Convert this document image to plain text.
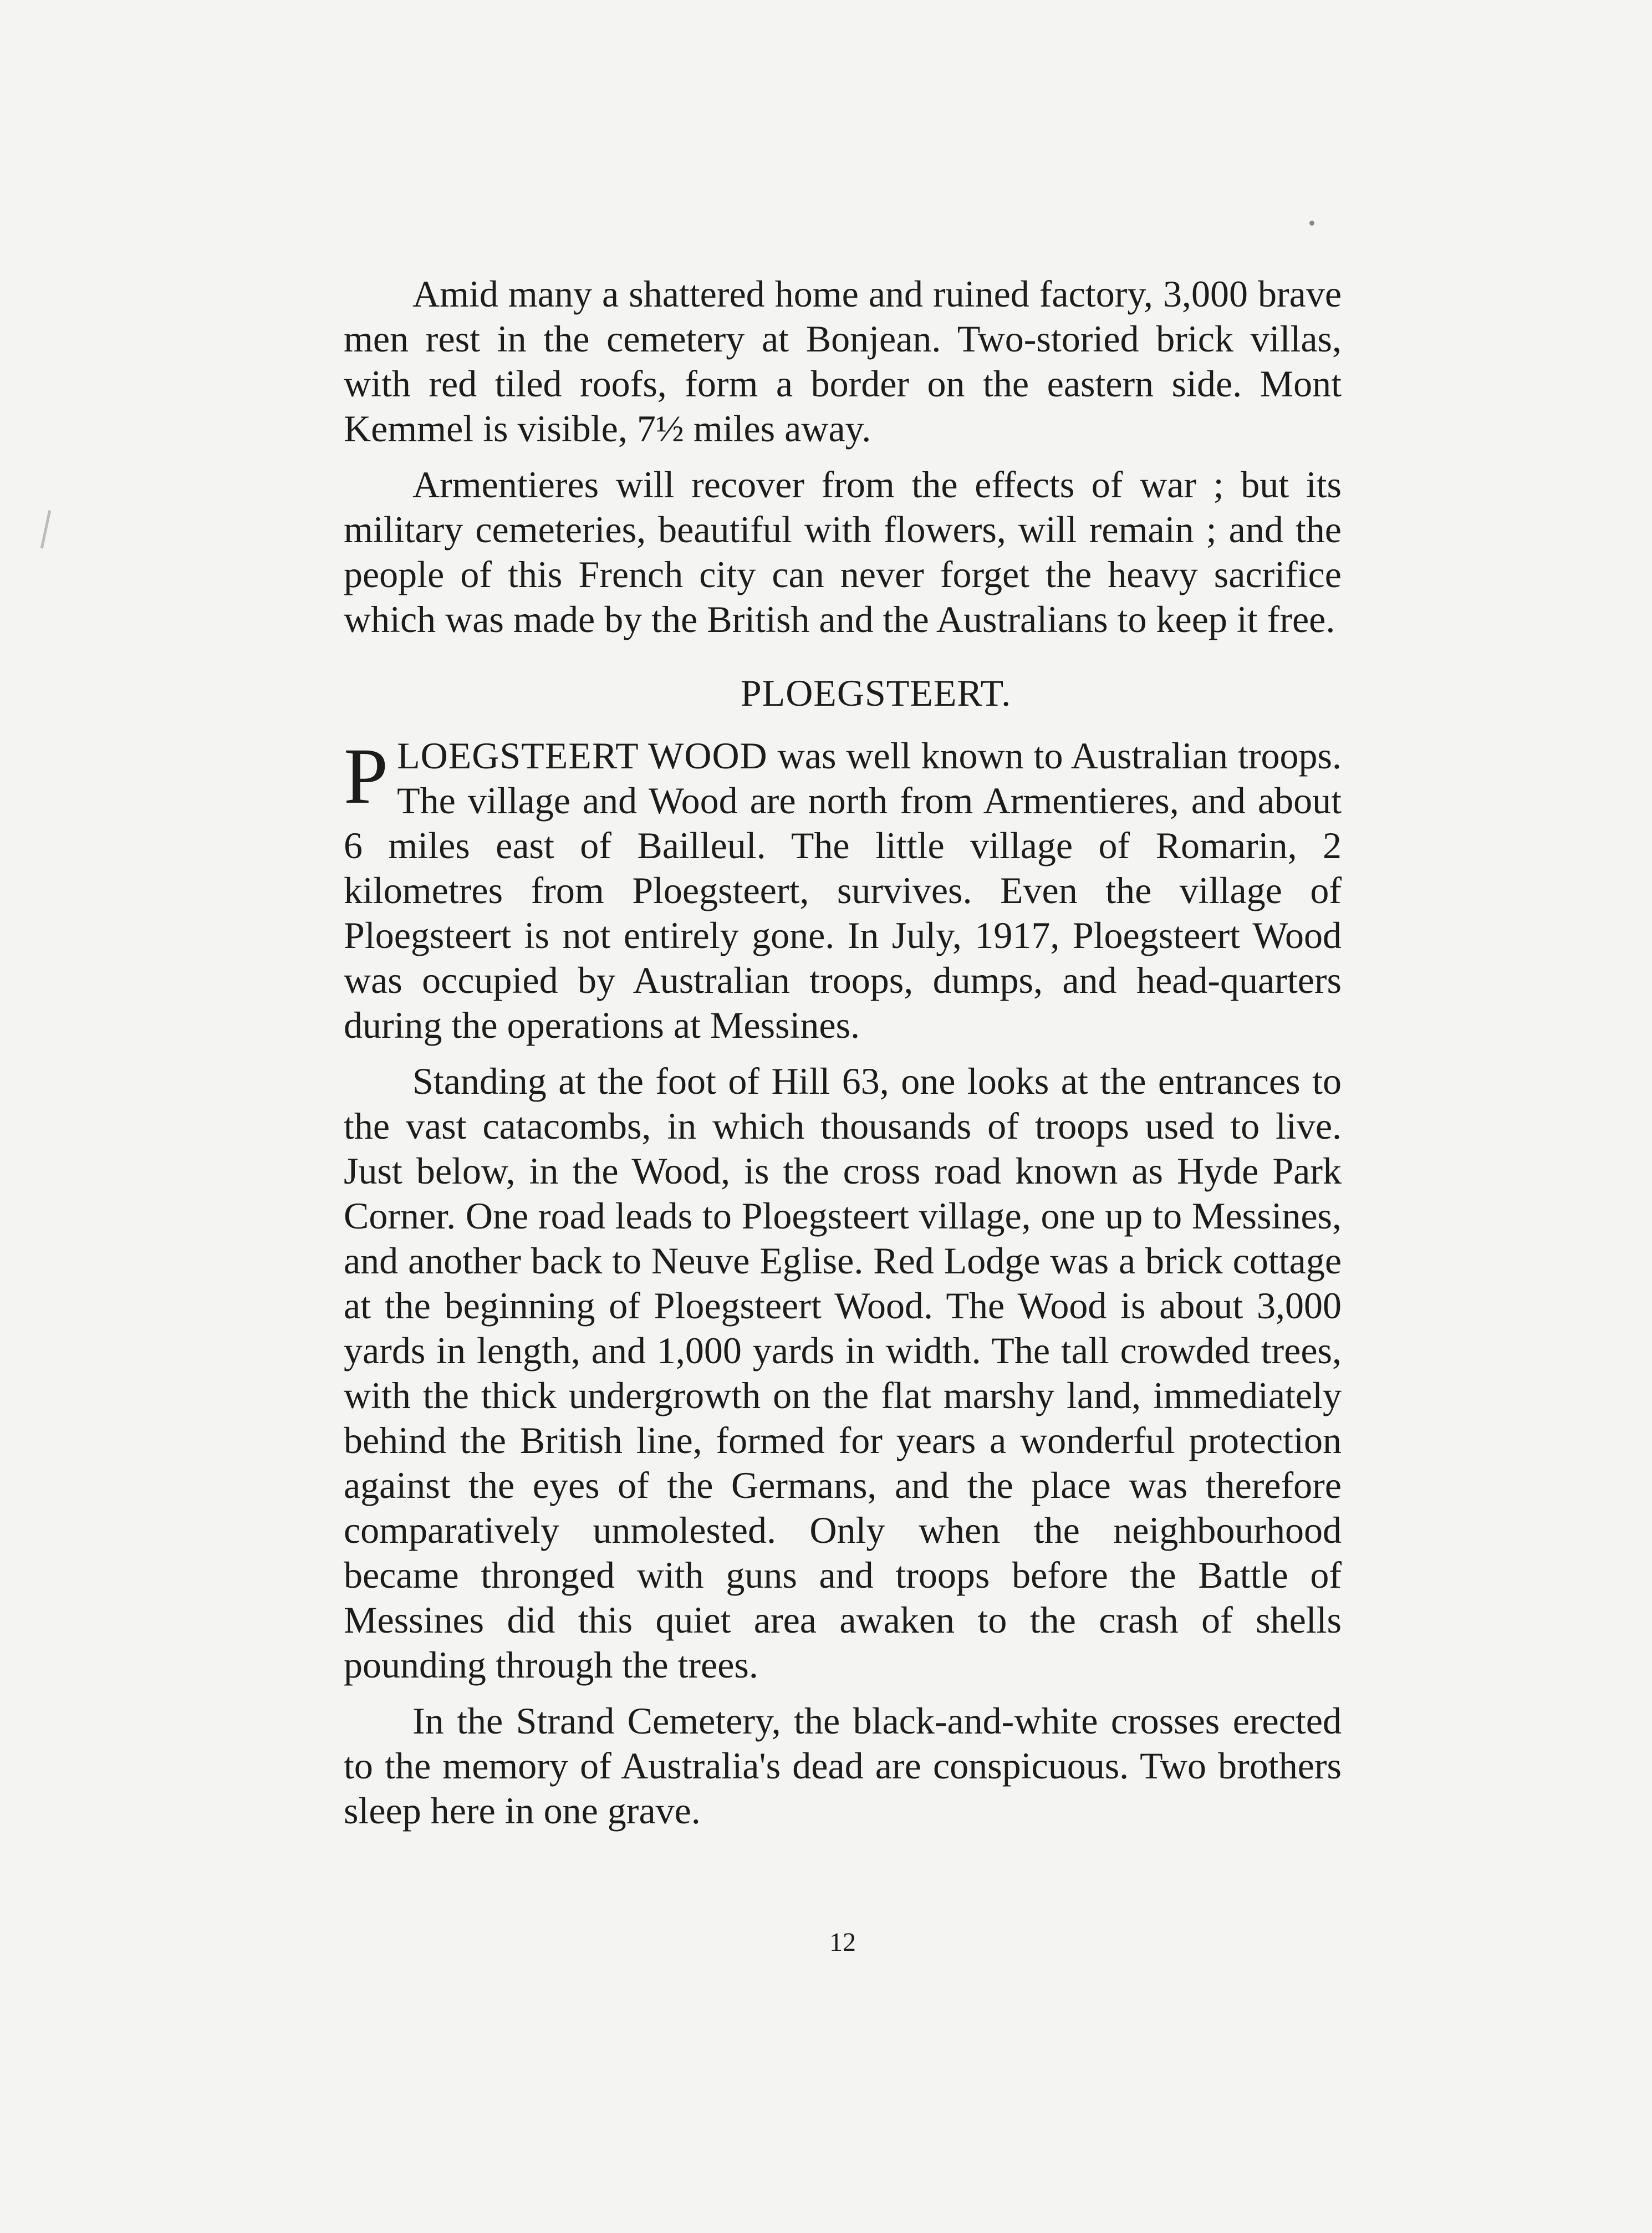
Amid many a shattered home and ruined factory, 3,000 brave men rest in the cemetery at Bonjean. Two-storied brick villas, with red tiled roofs, form a border on the eastern side. Mont Kemmel is visible, 7½ miles away.

Armentieres will recover from the effects of war ; but its military cemeteries, beautiful with flowers, will remain ; and the people of this French city can never forget the heavy sacrifice which was made by the British and the Australians to keep it free.

PLOEGSTEERT.

PLOEGSTEERT WOOD was well known to Australian troops. The village and Wood are north from Armentieres, and about 6 miles east of Bailleul. The little village of Romarin, 2 kilometres from Ploegsteert, survives. Even the village of Ploegsteert is not entirely gone. In July, 1917, Ploegsteert Wood was occupied by Australian troops, dumps, and head-quarters during the operations at Messines.

Standing at the foot of Hill 63, one looks at the entrances to the vast catacombs, in which thousands of troops used to live. Just below, in the Wood, is the cross road known as Hyde Park Corner. One road leads to Ploegsteert village, one up to Messines, and another back to Neuve Eglise. Red Lodge was a brick cottage at the beginning of Ploegsteert Wood. The Wood is about 3,000 yards in length, and 1,000 yards in width. The tall crowded trees, with the thick undergrowth on the flat marshy land, immediately behind the British line, formed for years a wonderful protection against the eyes of the Germans, and the place was therefore comparatively unmolested. Only when the neighbourhood became thronged with guns and troops before the Battle of Messines did this quiet area awaken to the crash of shells pounding through the trees.

In the Strand Cemetery, the black-and-white crosses erected to the memory of Australia's dead are conspicuous. Two brothers sleep here in one grave.

12
